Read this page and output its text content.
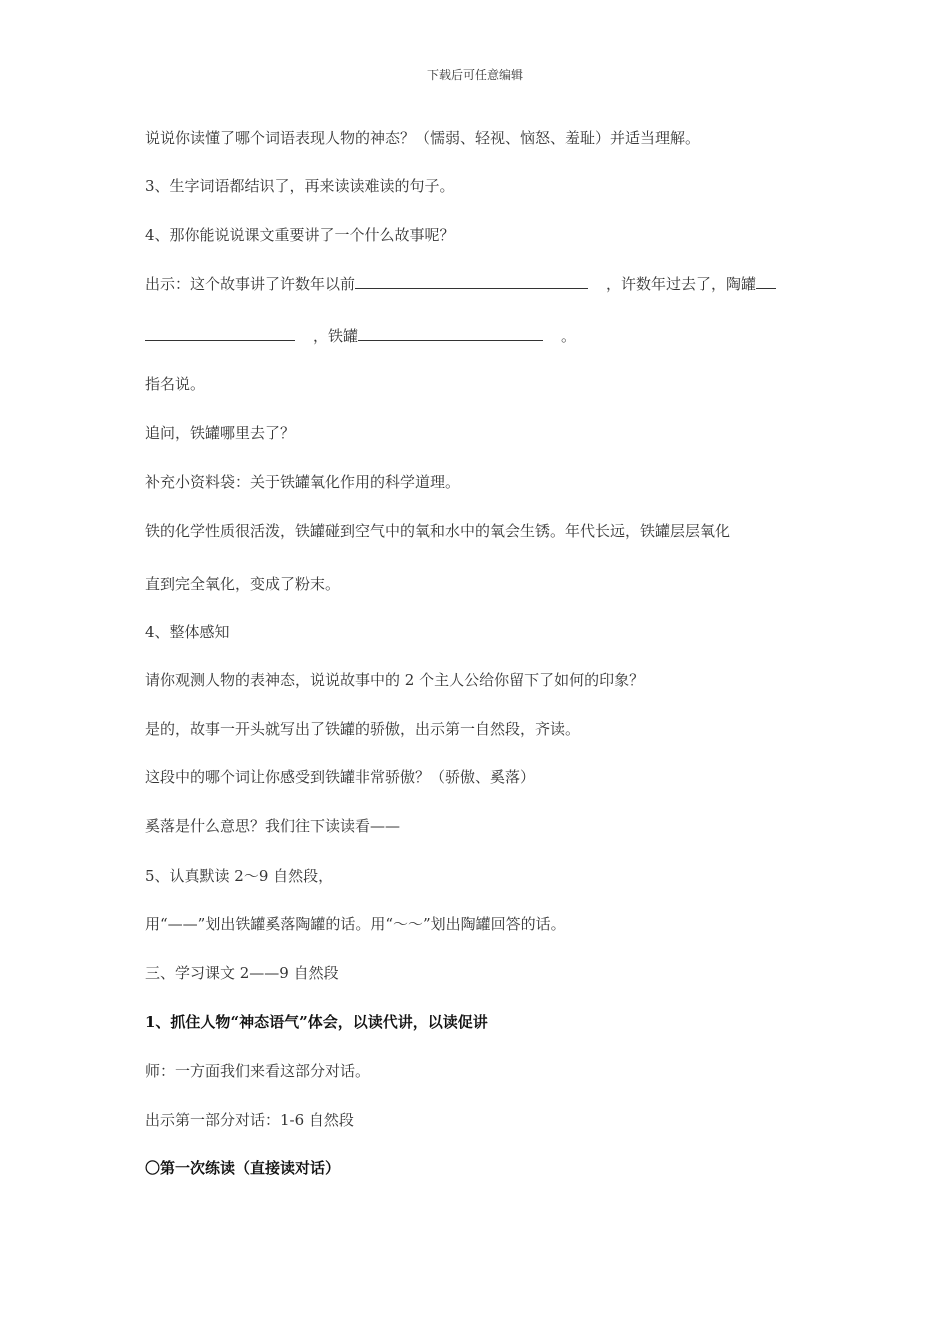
下载后可任意编辑
说说你读懂了哪个词语表现人物的神态？（懦弱、轻视、恼怒、羞耻）并适当理解。
3、生字词语都结识了，再来读读难读的句子。
4、那你能说说课文重要讲了一个什么故事呢？
出示：这个故事讲了许数年以前	，许数年过去了，陶罐
，铁罐	。
指名说。
追问，铁罐哪里去了？
补充小资料袋：关于铁罐氧化作用的科学道理。
铁的化学性质很活泼，铁罐碰到空气中的氧和水中的氧会生锈。年代长远，铁罐层层氧化
直到完全氧化，变成了粉末。
4、整体感知
请你观测人物的表神态，说说故事中的 2 个主人公给你留下了如何的印象？
是的，故事一开头就写出了铁罐的骄傲，出示第一自然段，齐读。
这段中的哪个词让你感受到铁罐非常骄傲？（骄傲、奚落）
奚落是什么意思？我们往下读读看——
5、认真默读 2～9 自然段，
用“——”划出铁罐奚落陶罐的话。用“～～”划出陶罐回答的话。
三、学习课文 2——9 自然段
1、抓住人物“神态语气”体会，以读代讲，以读促讲
师：一方面我们来看这部分对话。
出示第一部分对话：1-6 自然段
〇第一次练读（直接读对话）
